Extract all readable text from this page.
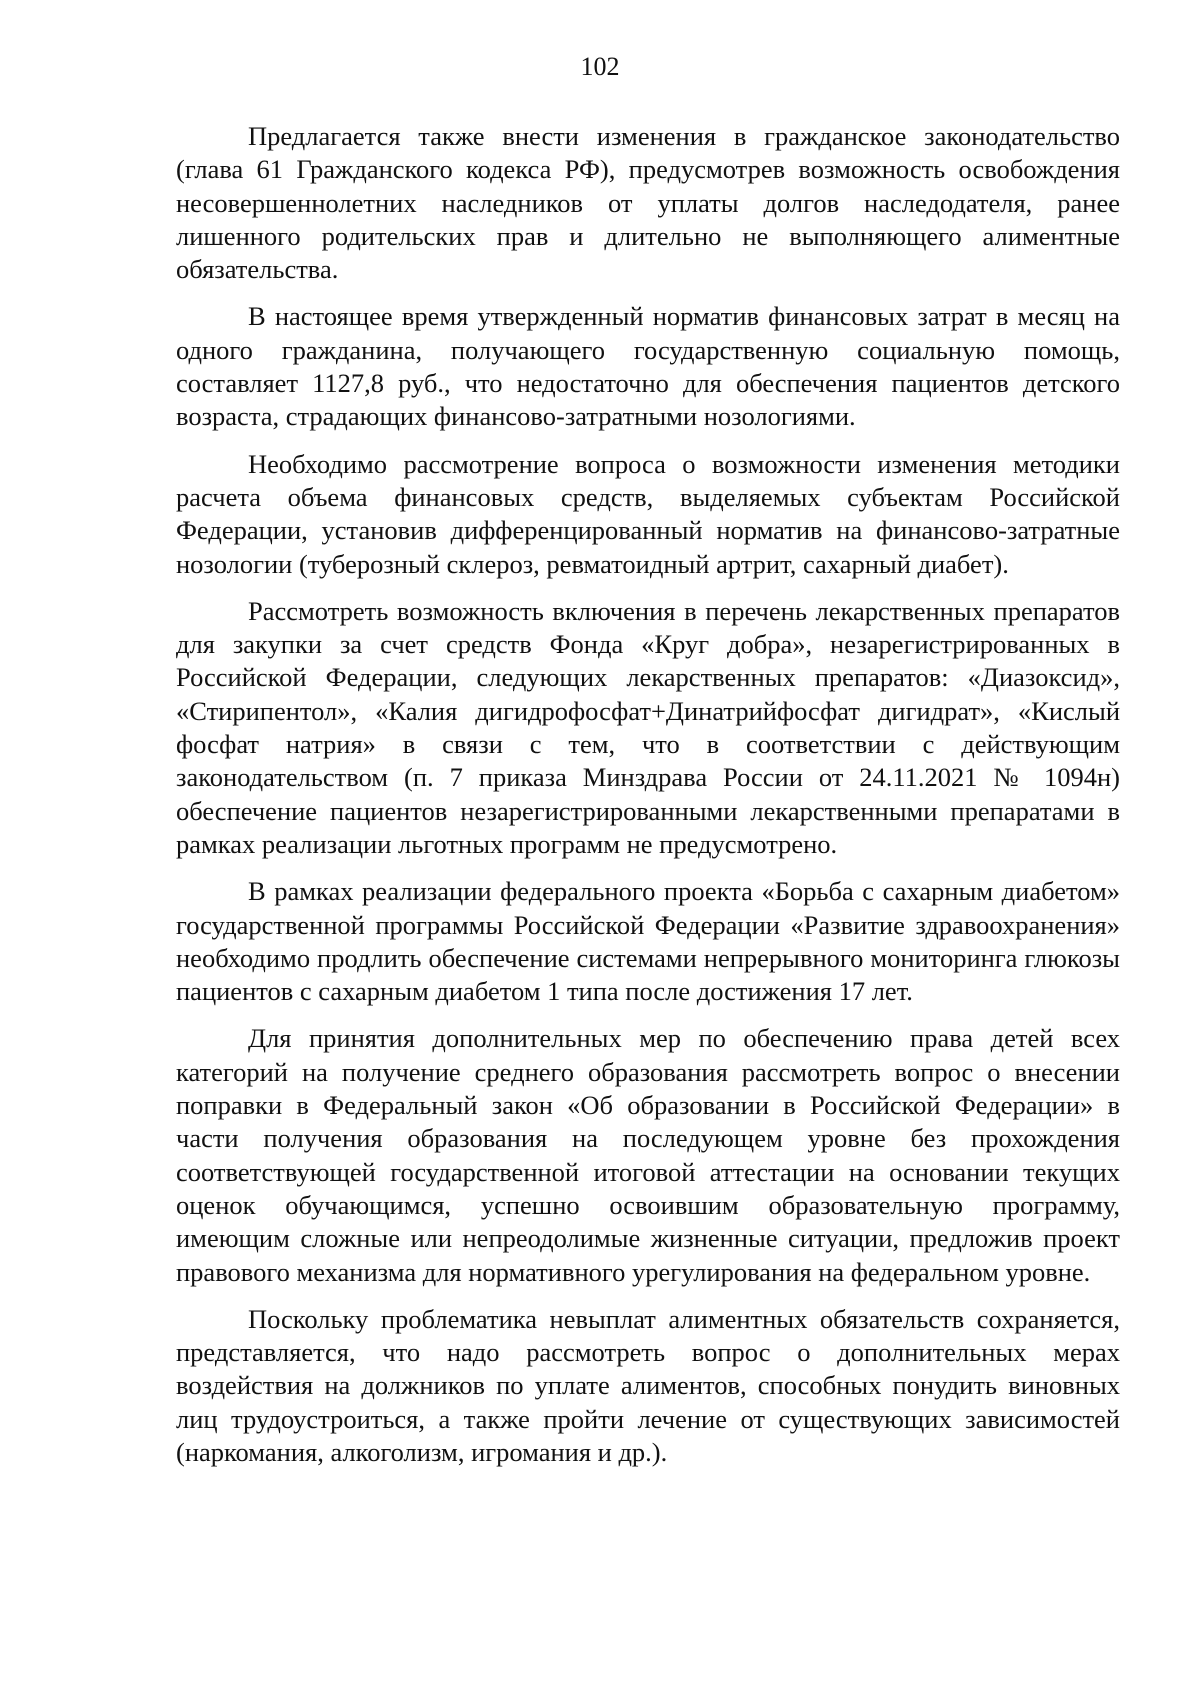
102

Предлагается также внести изменения в гражданское законодательство (глава 61 Гражданского кодекса РФ), предусмотрев возможность освобождения несовершеннолетних наследников от уплаты долгов наследодателя, ранее лишенного родительских прав и длительно не выполняющего алиментные обязательства.

В настоящее время утвержденный норматив финансовых затрат в месяц на одного гражданина, получающего государственную социальную помощь, составляет 1127,8 руб., что недостаточно для обеспечения пациентов детского возраста, страдающих финансово-затратными нозологиями.

Необходимо рассмотрение вопроса о возможности изменения методики расчета объема финансовых средств, выделяемых субъектам Российской Федерации, установив дифференцированный норматив на финансово-затратные нозологии (туберозный склероз, ревматоидный артрит, сахарный диабет).

Рассмотреть возможность включения в перечень лекарственных препаратов для закупки за счет средств Фонда «Круг добра», незарегистрированных в Российской Федерации, следующих лекарственных препаратов: «Диазоксид», «Стирипентол», «Калия дигидрофосфат+Динатрийфосфат дигидрат», «Кислый фосфат натрия» в связи с тем, что в соответствии с действующим законодательством (п. 7 приказа Минздрава России от 24.11.2021 № 1094н) обеспечение пациентов незарегистрированными лекарственными препаратами в рамках реализации льготных программ не предусмотрено.

В рамках реализации федерального проекта «Борьба с сахарным диабетом» государственной программы Российской Федерации «Развитие здравоохранения» необходимо продлить обеспечение системами непрерывного мониторинга глюкозы пациентов с сахарным диабетом 1 типа после достижения 17 лет.

Для принятия дополнительных мер по обеспечению права детей всех категорий на получение среднего образования рассмотреть вопрос о внесении поправки в Федеральный закон «Об образовании в Российской Федерации» в части получения образования на последующем уровне без прохождения соответствующей государственной итоговой аттестации на основании текущих оценок обучающимся, успешно освоившим образовательную программу, имеющим сложные или непреодолимые жизненные ситуации, предложив проект правового механизма для нормативного урегулирования на федеральном уровне.

Поскольку проблематика невыплат алиментных обязательств сохраняется, представляется, что надо рассмотреть вопрос о дополнительных мерах воздействия на должников по уплате алиментов, способных понудить виновных лиц трудоустроиться, а также пройти лечение от существующих зависимостей (наркомания, алкоголизм, игромания и др.).
